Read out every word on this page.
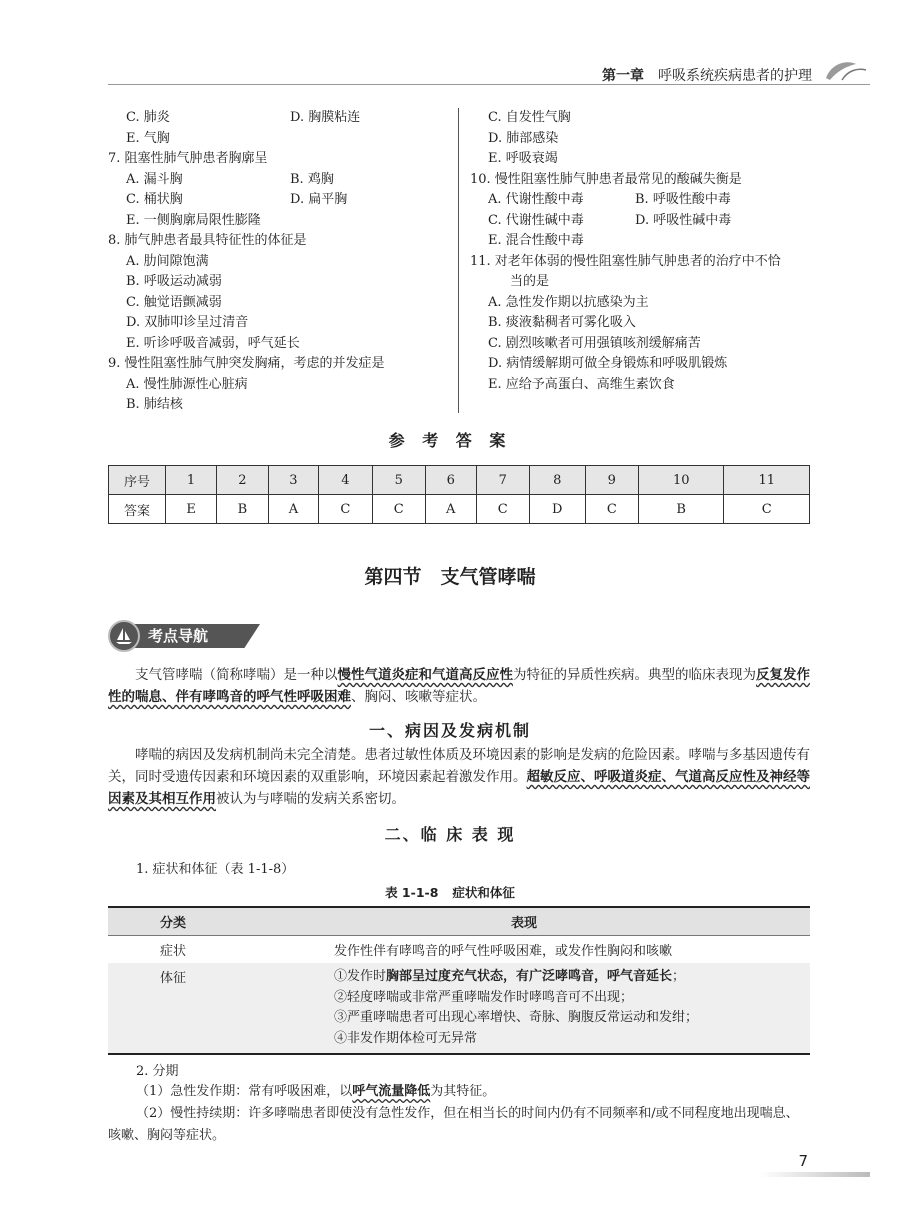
第一章 呼吸系统疾病患者的护理
C. 肺炎	D. 胸膜粘连
E. 气胸
7. 阻塞性肺气肿患者胸廓呈
A. 漏斗胸	B. 鸡胸
C. 桶状胸	D. 扁平胸
E. 一侧胸廓局限性膨隆
8. 肺气肿患者最具特征性的体征是
A. 肋间隙饱满
B. 呼吸运动减弱
C. 触觉语颤减弱
D. 双肺叩诊呈过清音
E. 听诊呼吸音减弱，呼气延长
9. 慢性阻塞性肺气肿突发胸痛，考虑的并发症是
A. 慢性肺源性心脏病
B. 肺结核
C. 自发性气胸
D. 肺部感染
E. 呼吸衰竭
10. 慢性阻塞性肺气肿患者最常见的酸碱失衡是
A. 代谢性酸中毒	B. 呼吸性酸中毒
C. 代谢性碱中毒	D. 呼吸性碱中毒
E. 混合性酸中毒
11. 对老年体弱的慢性阻塞性肺气肿患者的治疗中不恰
当的是
A. 急性发作期以抗感染为主
B. 痰液黏稠者可雾化吸入
C. 剧烈咳嗽者可用强镇咳剂缓解痛苦
D. 病情缓解期可做全身锻炼和呼吸肌锻炼
E. 应给予高蛋白、高维生素饮食
参 考 答 案
序号	1	2	3	4	5	6	7	8	9	10	11
答案	E	B	A	C	C	A	C	D	C	B	C
第四节　支气管哮喘
考点导航
支气管哮喘（简称哮喘）是一种以慢性气道炎症和气道高反应性为特征的异质性疾病。典型的临床表现为反复发作性的喘息、伴有哮鸣音的呼气性呼吸困难、胸闷、咳嗽等症状。
一、病因及发病机制
哮喘的病因及发病机制尚未完全清楚。患者过敏性体质及环境因素的影响是发病的危险因素。哮喘与多基因遗传有关，同时受遗传因素和环境因素的双重影响，环境因素起着激发作用。超敏反应、呼吸道炎症、气道高反应性及神经等因素及其相互作用被认为与哮喘的发病关系密切。
二、临 床 表 现
1. 症状和体征（表 1-1-8）
表 1-1-8 症状和体征
分类	表现
症状	发作性伴有哮鸣音的呼气性呼吸困难，或发作性胸闷和咳嗽
体征	①发作时胸部呈过度充气状态，有广泛哮鸣音，呼气音延长；
②轻度哮喘或非常严重哮喘发作时哮鸣音可不出现；
③严重哮喘患者可出现心率增快、奇脉、胸腹反常运动和发绀；
④非发作期体检可无异常
2. 分期
（1）急性发作期：常有呼吸困难，以呼气流量降低为其特征。
（2）慢性持续期：许多哮喘患者即使没有急性发作，但在相当长的时间内仍有不同频率和/或不同程度地出现喘息、咳嗽、胸闷等症状。
7
